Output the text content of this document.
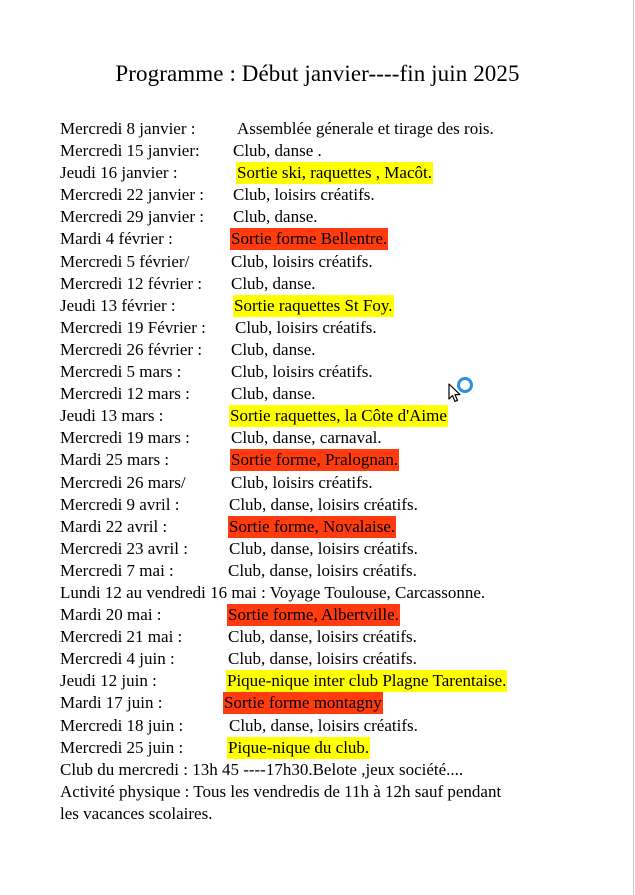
Programme : Début janvier----fin juin 2025
Mercredi 8 janvier : Assemblée génerale et tirage des rois.
Mercredi 15 janvier: Club, danse .
Jeudi 16 janvier :	Sortie ski, raquettes , Macôt.
Mercredi 22 janvier : Club, loisirs créatifs.
Mercredi 29 janvier : Club, danse.
Mardi 4 février :	Sortie forme Bellentre.
Mercredi 5 février/ Club, loisirs créatifs.
Mercredi 12 février : Club, danse.
Jeudi 13 février :	Sortie raquettes St Foy.
Mercredi 19 Février : Club, loisirs créatifs.
Mercredi 26 février : Club, danse.
Mercredi 5 mars :	Club, loisirs créatifs.
Mercredi 12 mars : Club, danse.
Jeudi 13 mars :	Sortie raquettes, la Côte d'Aime
Mercredi 19 mars : Club, danse, carnaval.
Mardi 25 mars :	Sortie forme, Pralognan.
Mercredi 26 mars/	Club, loisirs créatifs.
Mercredi 9 avril :	Club, danse, loisirs créatifs.
Mardi 22 avril :	Sortie forme, Novalaise.
Mercredi 23 avril : Club, danse, loisirs créatifs.
Mercredi 7 mai :	Club, danse, loisirs créatifs.
Lundi 12 au vendredi 16 mai : Voyage Toulouse, Carcassonne.
Mardi 20 mai :	Sortie forme, Albertville.
Mercredi 21 mai :	Club, danse, loisirs créatifs.
Mercredi 4 juin :	Club, danse, loisirs créatifs.
Jeudi 12 juin :	Pique-nique inter club Plagne Tarentaise.
Mardi 17 juin :	Sortie forme montagny
Mercredi 18 juin :	Club, danse, loisirs créatifs.
Mercredi 25 juin :	Pique-nique du club.
Club du mercredi : 13h 45 ----17h30.Belote ,jeux société....
Activité physique : Tous les vendredis de 11h à 12h sauf pendant
les vacances scolaires.
